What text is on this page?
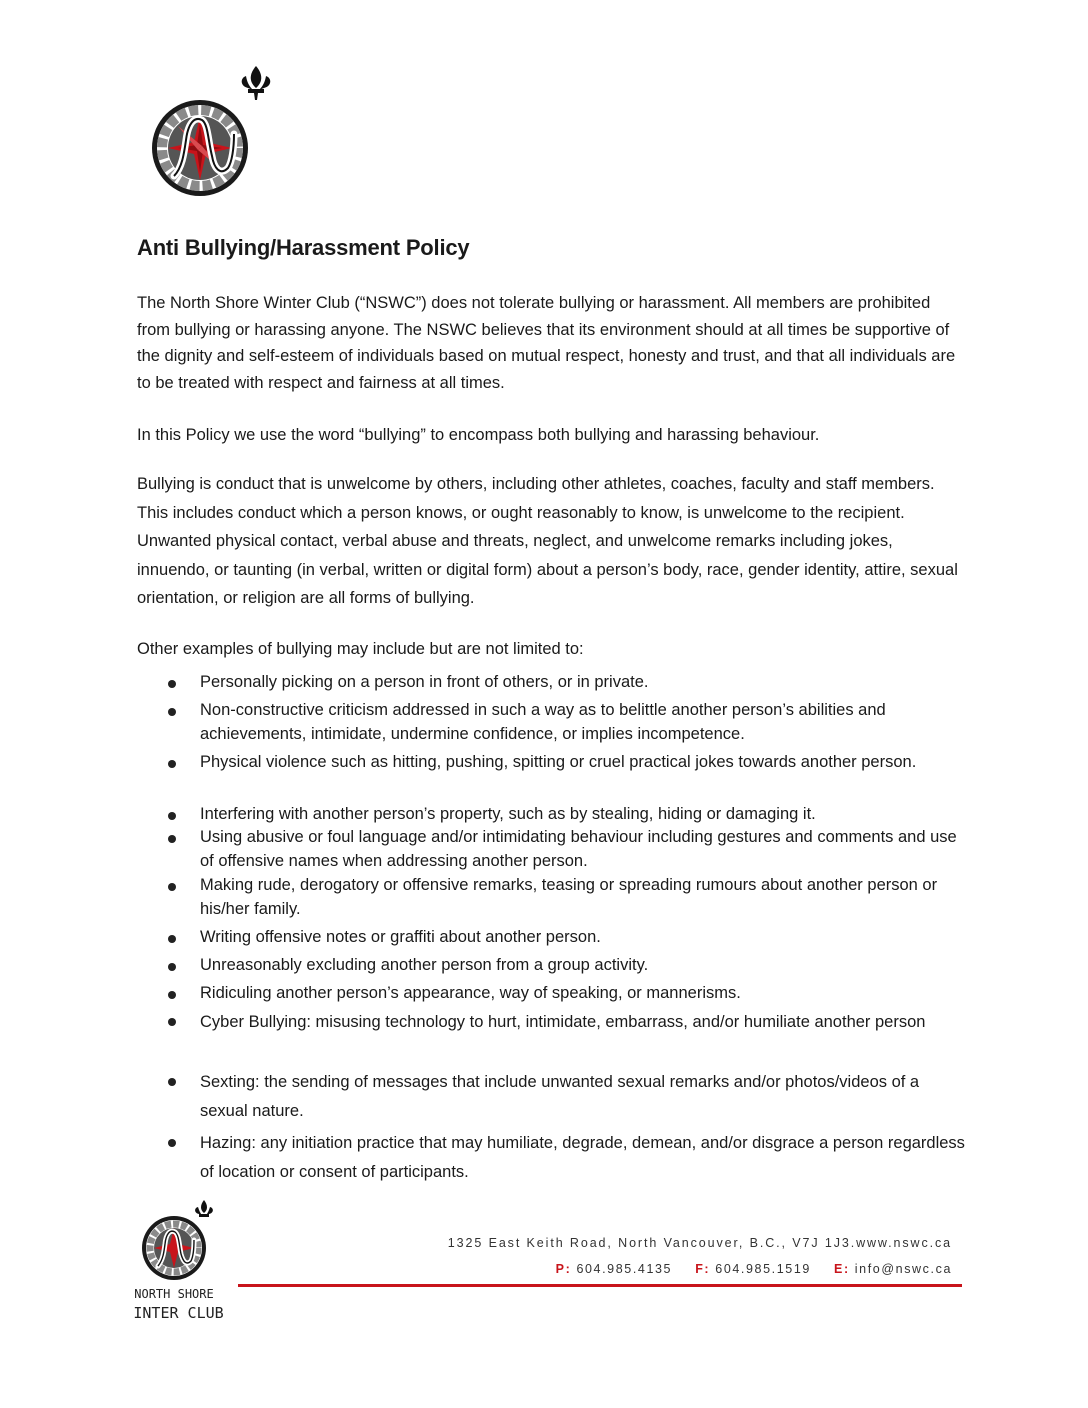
Anti Bullying/Harassment Policy

The North Shore Winter Club (“NSWC”) does not tolerate bullying or harassment. All members are prohibited from bullying or harassing anyone. The NSWC believes that its environment should at all times be supportive of the dignity and self-esteem of individuals based on mutual respect, honesty and trust, and that all individuals are to be treated with respect and fairness at all times.

In this Policy we use the word “bullying” to encompass both bullying and harassing behaviour.

Bullying is conduct that is unwelcome by others, including other athletes, coaches, faculty and staff members. This includes conduct which a person knows, or ought reasonably to know, is unwelcome to the recipient. Unwanted physical contact, verbal abuse and threats, neglect, and unwelcome remarks including jokes, innuendo, or taunting (in verbal, written or digital form) about a person’s body, race, gender identity, attire, sexual orientation, or religion are all forms of bullying.

Other examples of bullying may include but are not limited to:

Personally picking on a person in front of others, or in private.
Non-constructive criticism addressed in such a way as to belittle another person’s abilities and achievements, intimidate, undermine confidence, or implies incompetence.
Physical violence such as hitting, pushing, spitting or cruel practical jokes towards another person.
Interfering with another person’s property, such as by stealing, hiding or damaging it.
Using abusive or foul language and/or intimidating behaviour including gestures and comments and use of offensive names when addressing another person.
Making rude, derogatory or offensive remarks, teasing or spreading rumours about another person or his/her family.
Writing offensive notes or graffiti about another person.
Unreasonably excluding another person from a group activity.
Ridiculing another person’s appearance, way of speaking, or mannerisms.
Cyber Bullying: misusing technology to hurt, intimidate, embarrass, and/or humiliate another person
Sexting: the sending of messages that include unwanted sexual remarks and/or photos/videos of a sexual nature.
Hazing: any initiation practice that may humiliate, degrade, demean, and/or disgrace a person regardless of location or consent of participants.
NORTH SHORE
WINTER CLUB
1325 East Keith Road, North Vancouver, B.C., V7J 1J3.www.nswc.ca
P: 604.985.4135 F: 604.985.1519 E: info@nswc.ca
